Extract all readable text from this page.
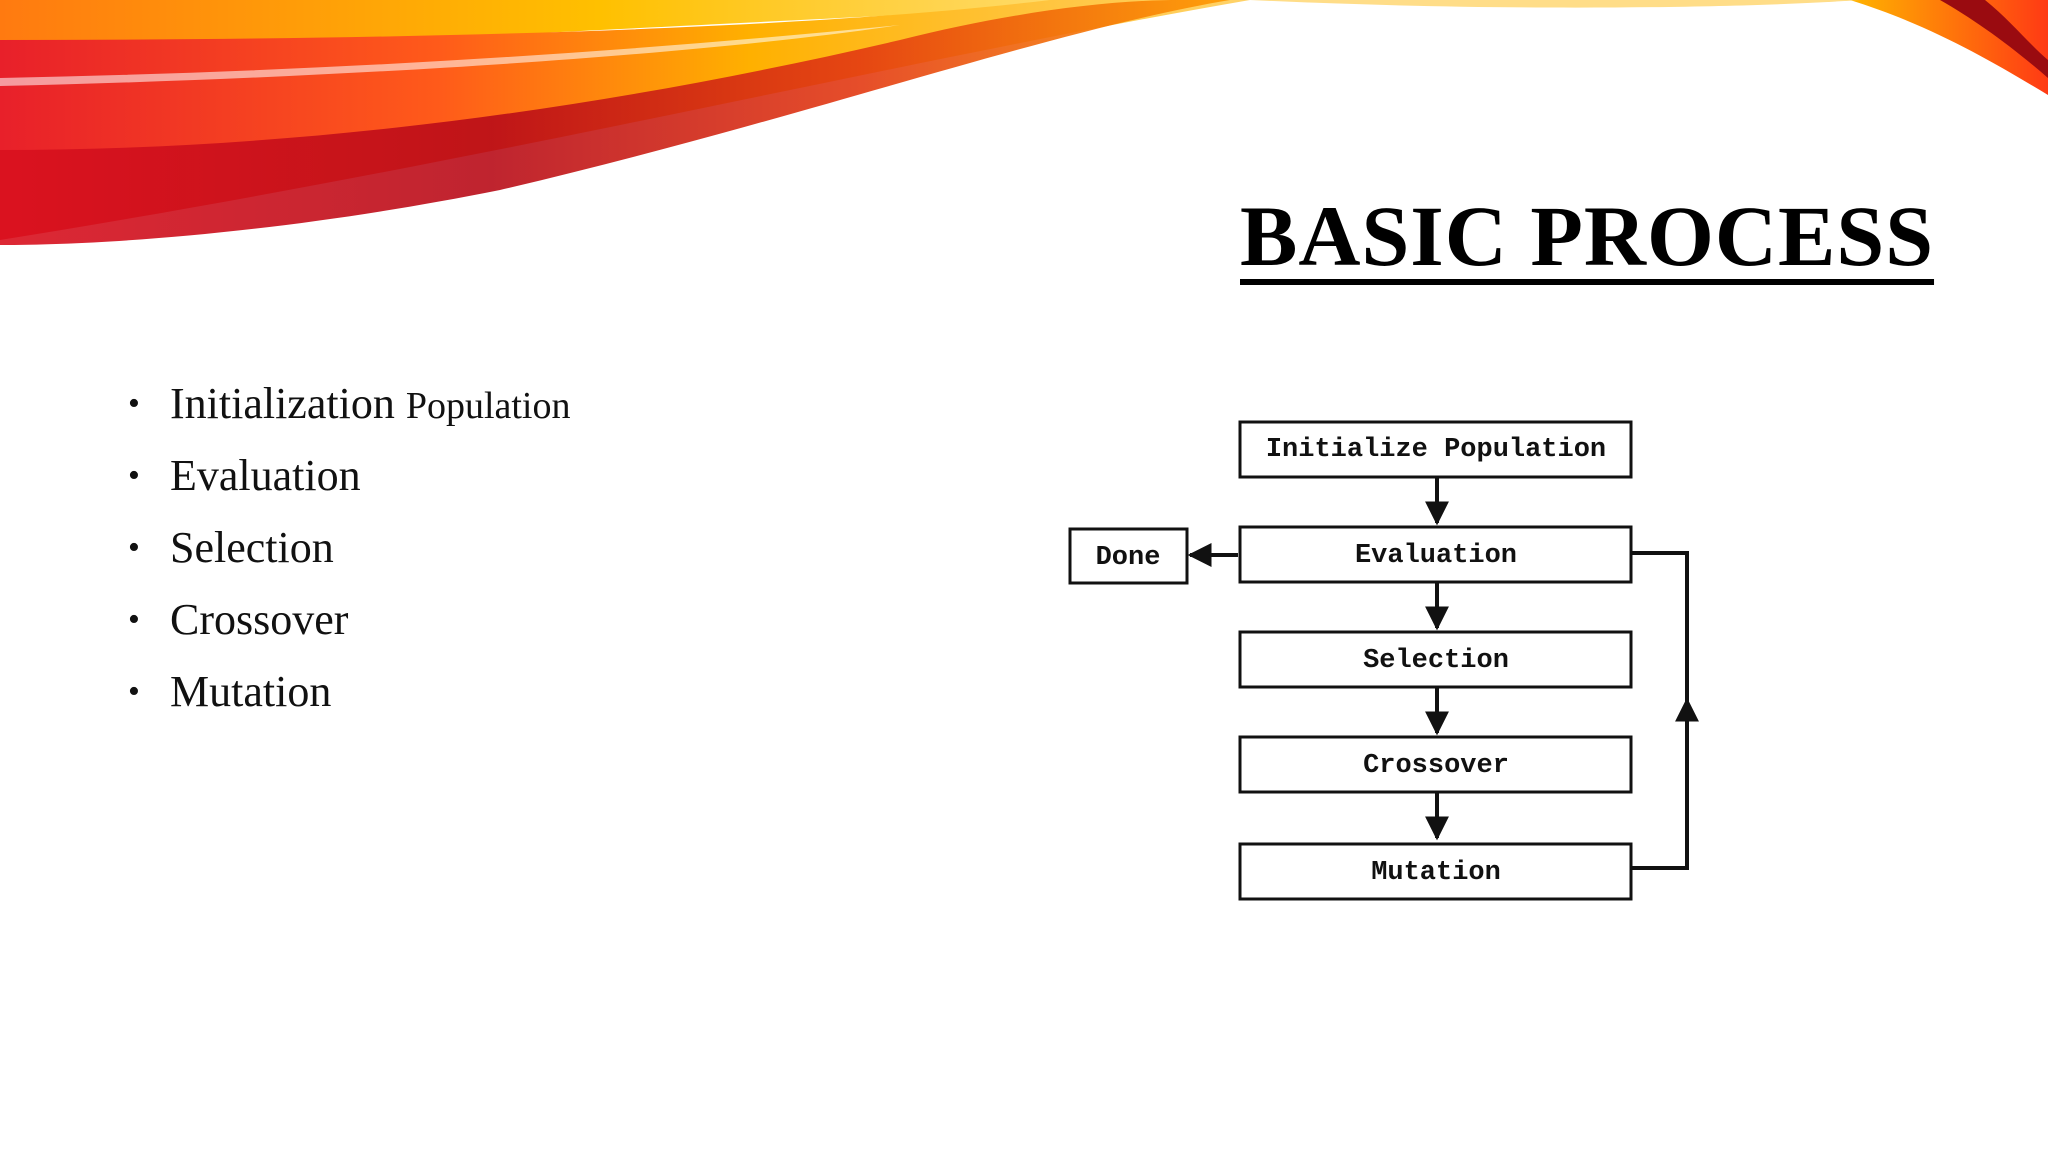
BASIC PROCESS
• Initialization Population
• Evaluation
• Selection
• Crossover
• Mutation
Initialize Population
Evaluation
Selection
Crossover
Mutation
Done
